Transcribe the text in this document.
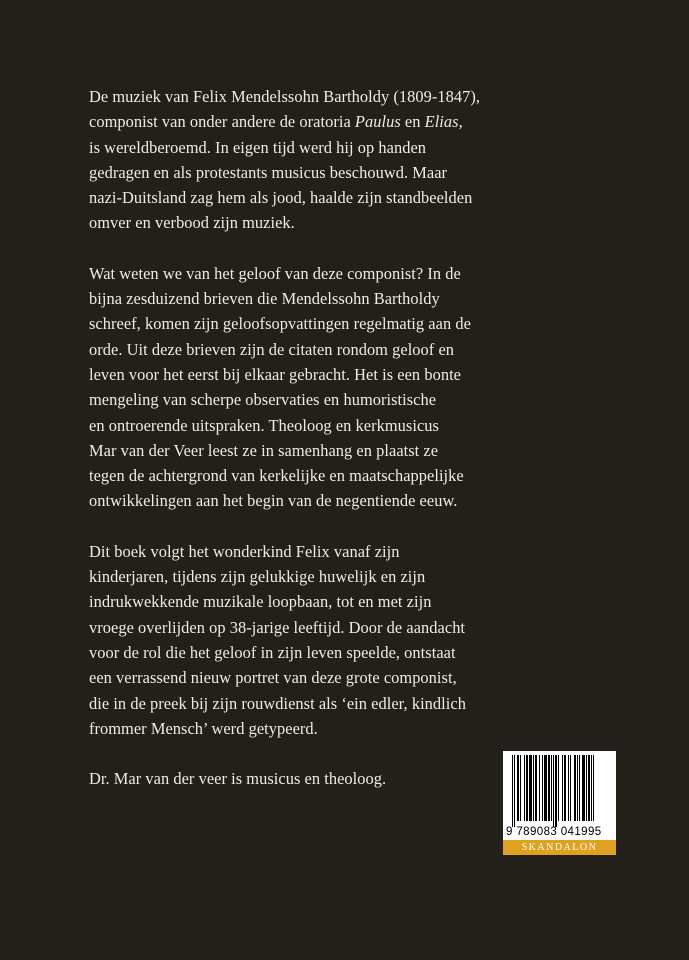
De muziek van Felix Mendelssohn Bartholdy (1809-1847),
componist van onder andere de oratoria Paulus en Elias,
is wereldberoemd. In eigen tijd werd hij op handen
gedragen en als protestants musicus beschouwd. Maar
nazi-Duitsland zag hem als jood, haalde zijn standbeelden
omver en verbood zijn muziek.

Wat weten we van het geloof van deze componist? In de
bijna zesduizend brieven die Mendelssohn Bartholdy
schreef, komen zijn geloofsopvattingen regelmatig aan de
orde. Uit deze brieven zijn de citaten rondom geloof en
leven voor het eerst bij elkaar gebracht. Het is een bonte
mengeling van scherpe observaties en humoristische
en ontroerende uitspraken. Theoloog en kerkmusicus
Mar van der Veer leest ze in samenhang en plaatst ze
tegen de achtergrond van kerkelijke en maatschappelijke
ontwikkelingen aan het begin van de negentiende eeuw.

Dit boek volgt het wonderkind Felix vanaf zijn
kinderjaren, tijdens zijn gelukkige huwelijk en zijn
indrukwekkende muzikale loopbaan, tot en met zijn
vroege overlijden op 38-jarige leeftijd. Door de aandacht
voor de rol die het geloof in zijn leven speelde, ontstaat
een verrassend nieuw portret van deze grote componist,
die in de preek bij zijn rouwdienst als ‘ein edler, kindlich
frommer Mensch’ werd getypeerd.

Dr. Mar van der veer is musicus en theoloog.

9 789083 041995
SKANDALON
